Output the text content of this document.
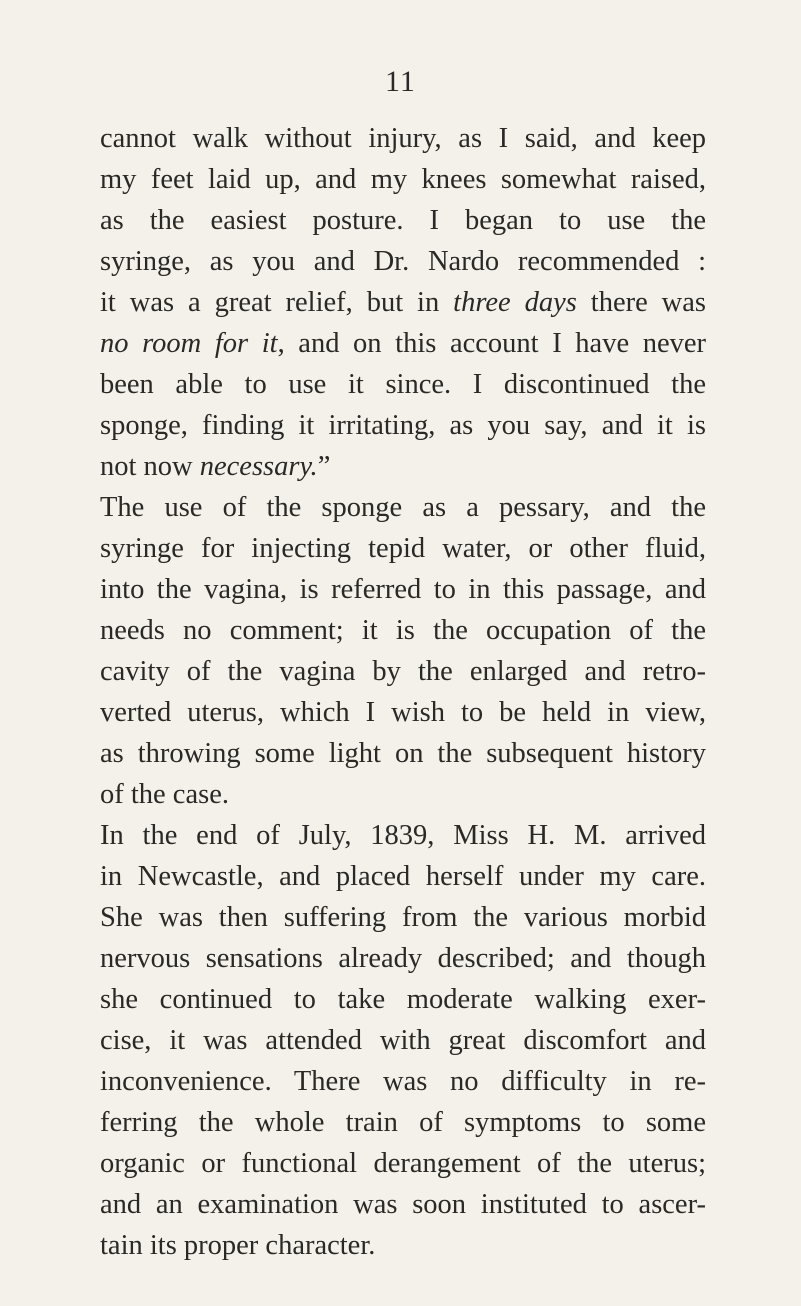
11
cannot walk without injury, as I said, and keep
my feet laid up, and my knees somewhat raised,
as the easiest posture. I began to use the
syringe, as you and Dr. Nardo recommended :
it was a great relief, but in three days there was
no room for it, and on this account I have never
been able to use it since. I discontinued the
sponge, finding it irritating, as you say, and it is
not now necessary.”
The use of the sponge as a pessary, and the
syringe for injecting tepid water, or other fluid,
into the vagina, is referred to in this passage, and
needs no comment; it is the occupation of the
cavity of the vagina by the enlarged and retro-
verted uterus, which I wish to be held in view,
as throwing some light on the subsequent history
of the case.
In the end of July, 1839, Miss H. M. arrived
in Newcastle, and placed herself under my care.
She was then suffering from the various morbid
nervous sensations already described; and though
she continued to take moderate walking exer-
cise, it was attended with great discomfort and
inconvenience. There was no difficulty in re-
ferring the whole train of symptoms to some
organic or functional derangement of the uterus;
and an examination was soon instituted to ascer-
tain its proper character.
